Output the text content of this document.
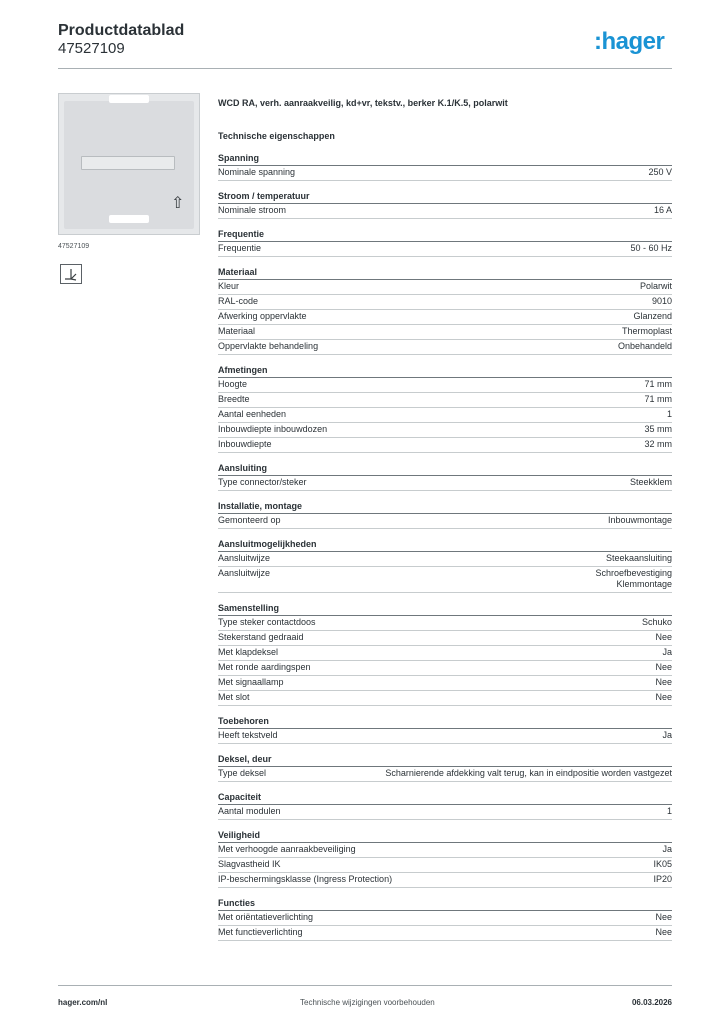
Productdatablad
47527109	:hager
⇧
47527109
WCD RA, verh. aanraakveilig, kd+vr, tekstv., berker K.1/K.5, polarwit
Technische eigenschappen
Spanning
Nominale spanning	250 V
Stroom / temperatuur
Nominale stroom	16 A
Frequentie
Frequentie	50 - 60 Hz
Materiaal
Kleur	Polarwit
RAL-code	9010
Afwerking oppervlakte	Glanzend
Materiaal	Thermoplast
Oppervlakte behandeling	Onbehandeld
Afmetingen
Hoogte	71 mm
Breedte	71 mm
Aantal eenheden	1
Inbouwdiepte inbouwdozen	35 mm
Inbouwdiepte	32 mm
Aansluiting
Type connector/steker	Steekklem
Installatie, montage
Gemonteerd op	Inbouwmontage
Aansluitmogelijkheden
Aansluitwijze	Steekaansluiting
Aansluitwijze	Schroefbevestiging
Klemmontage
Samenstelling
Type steker contactdoos	Schuko
Stekerstand gedraaid	Nee
Met klapdeksel	Ja
Met ronde aardingspen	Nee
Met signaallamp	Nee
Met slot	Nee
Toebehoren
Heeft tekstveld	Ja
Deksel, deur
Type deksel	Scharnierende afdekking valt terug, kan in eindpositie worden vastgezet
Capaciteit
Aantal modulen	1
Veiligheid
Met verhoogde aanraakbeveiliging	Ja
Slagvastheid IK	IK05
IP-beschermingsklasse (Ingress Protection)	IP20
Functies
Met oriëntatieverlichting	Nee
Met functieverlichting	Nee
hager.com/nl	Technische wijzigingen voorbehouden	06.03.2026
